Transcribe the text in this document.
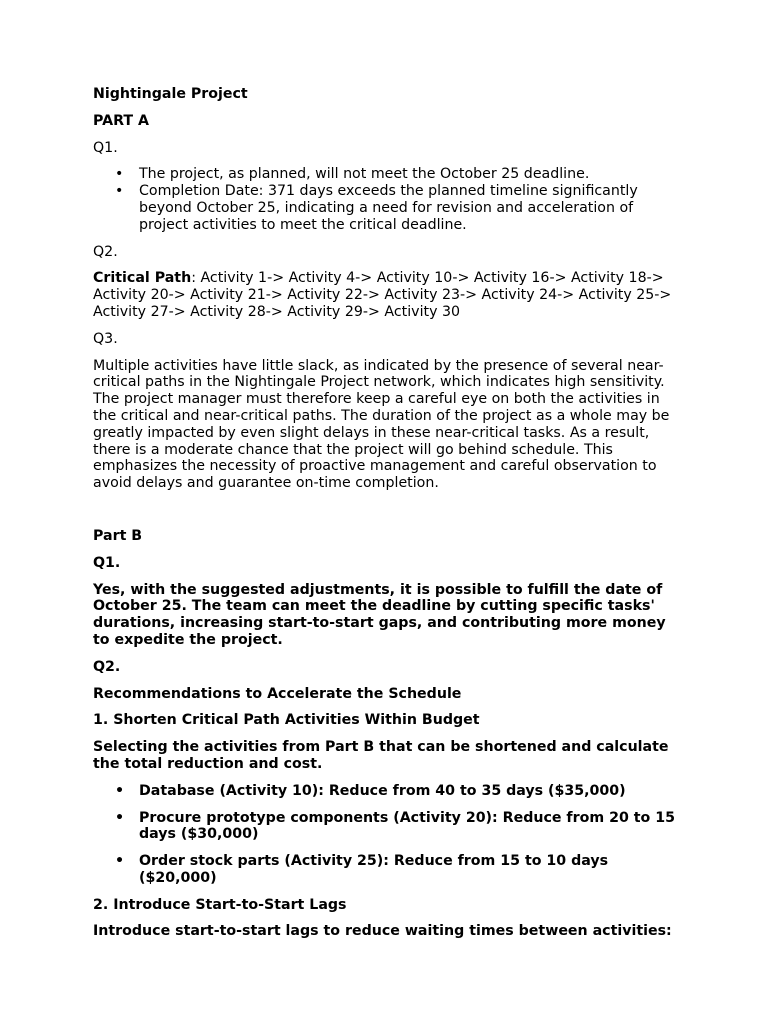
Nightingale Project

PART A

Q1.

• The project, as planned, will not meet the October 25 deadline.
• Completion Date: 371 days exceeds the planned timeline significantly beyond October 25, indicating a need for revision and acceleration of project activities to meet the critical deadline.

Q2.

Critical Path: Activity 1-> Activity 4-> Activity 10-> Activity 16-> Activity 18-> Activity 20-> Activity 21-> Activity 22-> Activity 23-> Activity 24-> Activity 25-> Activity 27-> Activity 28-> Activity 29-> Activity 30

Q3.

Multiple activities have little slack, as indicated by the presence of several near-critical paths in the Nightingale Project network, which indicates high sensitivity. The project manager must therefore keep a careful eye on both the activities in the critical and near-critical paths. The duration of the project as a whole may be greatly impacted by even slight delays in these near-critical tasks. As a result, there is a moderate chance that the project will go behind schedule. This emphasizes the necessity of proactive management and careful observation to avoid delays and guarantee on-time completion.

Part B

Q1.

Yes, with the suggested adjustments, it is possible to fulfill the date of October 25. The team can meet the deadline by cutting specific tasks' durations, increasing start-to-start gaps, and contributing more money to expedite the project.

Q2.

Recommendations to Accelerate the Schedule

1. Shorten Critical Path Activities Within Budget

Selecting the activities from Part B that can be shortened and calculate the total reduction and cost.

• Database (Activity 10): Reduce from 40 to 35 days ($35,000)
• Procure prototype components (Activity 20): Reduce from 20 to 15 days ($30,000)
• Order stock parts (Activity 25): Reduce from 15 to 10 days ($20,000)

2. Introduce Start-to-Start Lags

Introduce start-to-start lags to reduce waiting times between activities:
